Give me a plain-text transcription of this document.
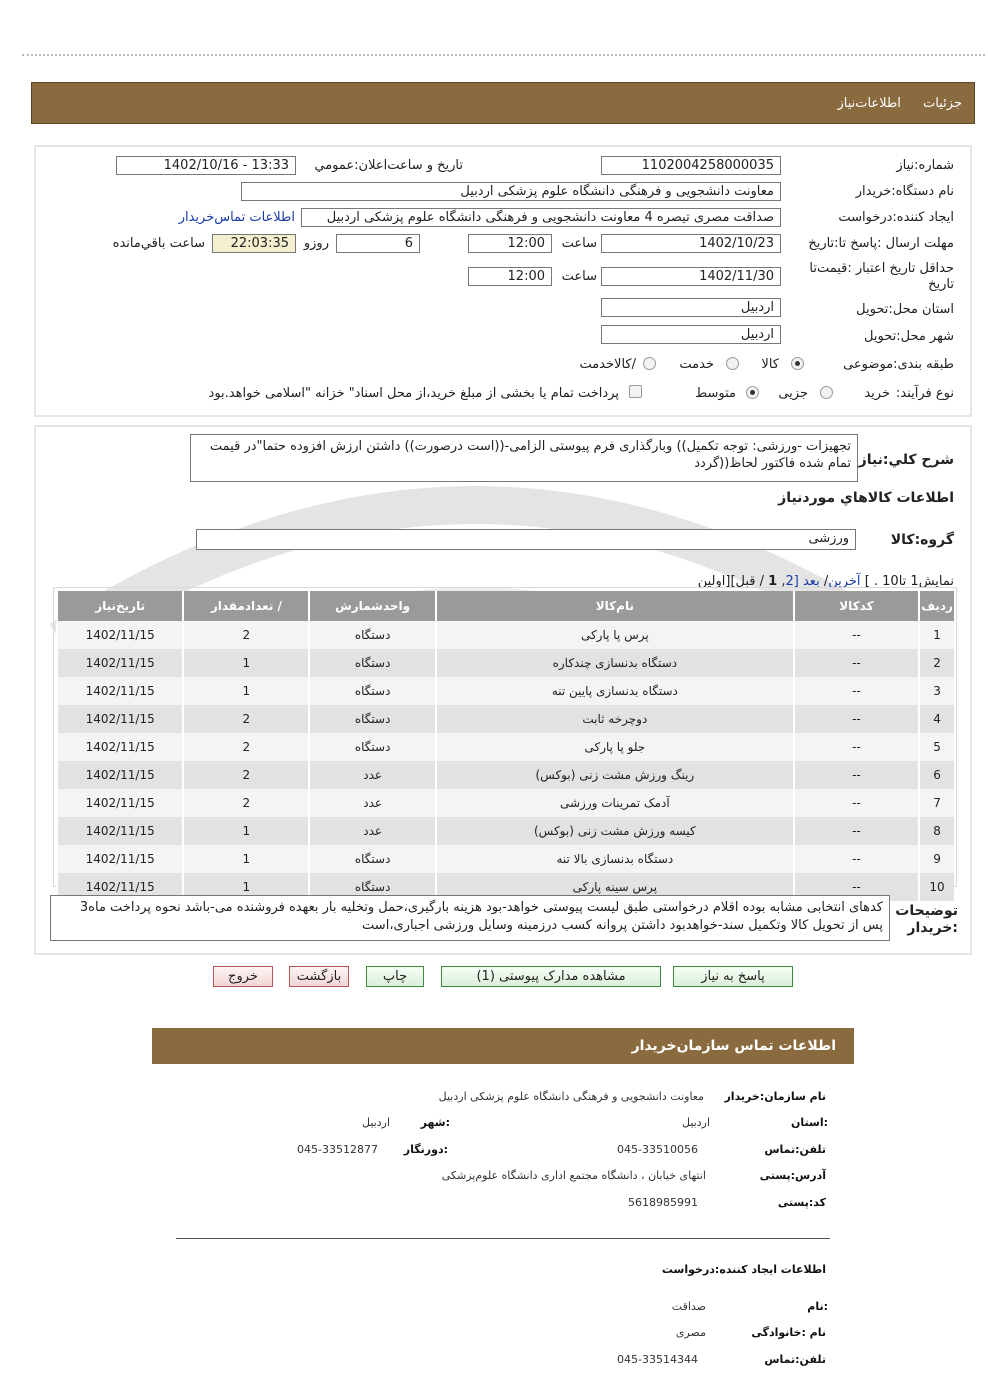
جزئیات اطلاعات‌نیاز
شماره:نیاز
1102004258000035
تاریخ و ساعت‌اعلان:عمومي
1402/10/16 - 13:33
نام دستگاه:خریدار
معاونت دانشجویی و فرهنگی دانشگاه علوم پزشکی اردبیل
ایجاد کننده:درخواست
صداقت مصری تیصره 4 معاونت دانشجویی و فرهنگی دانشگاه علوم پزشکی اردبیل
اطلاعات تماس‌خریدار
مهلت ارسال :پاسخ تا:تاریخ
1402/10/23
ساعت
12:00
6
روزو
22:03:35
ساعت باقي‌مانده
حداقل تاریخ اعتبار :قیمت‌تا تاریخ
1402/11/30
ساعت
12:00
استان محل:تحویل
اردبیل
شهر محل:تحویل
اردبیل
طبقه بندی:موضوعی
کالا
خدمت
/کالاخدمت
نوع فرآیند:
خرید
جزیی
متوسط
پرداخت تمام یا بخشی از مبلغ خرید،از محل اسناد" خزانه "اسلامی خواهد.بود
شرح کلي:نیاز
تجهیزات -ورزشی: توجه تکمیل)) وبارگذاری فرم پیوستی الزامی-((است درصورت)) داشتن ارزش افزوده حتما"در قیمت تمام شده فاکتور لحاظ((گردد
اطلاعات کالاهاي مورد‌نیاز
گروه:کالا
ورزشی
نمایش1 تا10 . ] آخرین/ بعد [2, 1 / قبل][اولین
ردیف	کدکالا	نام‌کالا	واحدشمارش	/ تعدادمقدار	تاریخ‌نیاز
1	--	پرس پا پارکی	دستگاه	2	1402/11/15
2	--	دستگاه بدنسازی چندکاره	دستگاه	1	1402/11/15
3	--	دستگاه بدنسازی پایین تنه	دستگاه	1	1402/11/15
4	--	دوچرخه ثابت	دستگاه	2	1402/11/15
5	--	جلو پا پارکی	دستگاه	2	1402/11/15
6	--	رینگ ورزش مشت زنی (بوکس)	عدد	2	1402/11/15
7	--	آدمک تمرینات ورزشی	عدد	2	1402/11/15
8	--	کیسه ورزش مشت زنی (بوکس)	عدد	1	1402/11/15
9	--	دستگاه بدنسازی بالا تنه	دستگاه	1	1402/11/15
10	--	پرس سینه پارکی	دستگاه	1	1402/11/15
توضیحات :خریدار
کدهای انتخابی مشابه بوده اقلام درخواستی طبق لیست پیوستی خواهد-بود هزینه بارگیری،حمل وتخلیه بار بعهده فروشنده می-باشد نحوه پرداخت ماه3 پس از تحویل کالا وتکمیل سند-خواهدبود داشتن پروانه کسب درزمینه وسایل ورزشی اجباری،است
پاسخ به نیاز
مشاهده مدارک پیوستی (1)
چاپ
بازگشت
خروج
اطلاعات تماس سازمان‌خریدار
نام سازمان:خریدار
معاونت دانشجویی و فرهنگی دانشگاه علوم پزشکی اردبیل
:استان
اردبیل
:شهر
اردبیل
تلفن:تماس
045-33510056
:دورنگار
045-33512877
آدرس:پستی
انتهای خیابان ، دانشگاه مجتمع اداری دانشگاه علوم‌پزشکی
کد:پستی
5618985991
اطلاعات ایجاد کننده:درخواست
:نام
صداقت
نام :خانوادگی
مصری
تلفن:تماس
045-33514344
